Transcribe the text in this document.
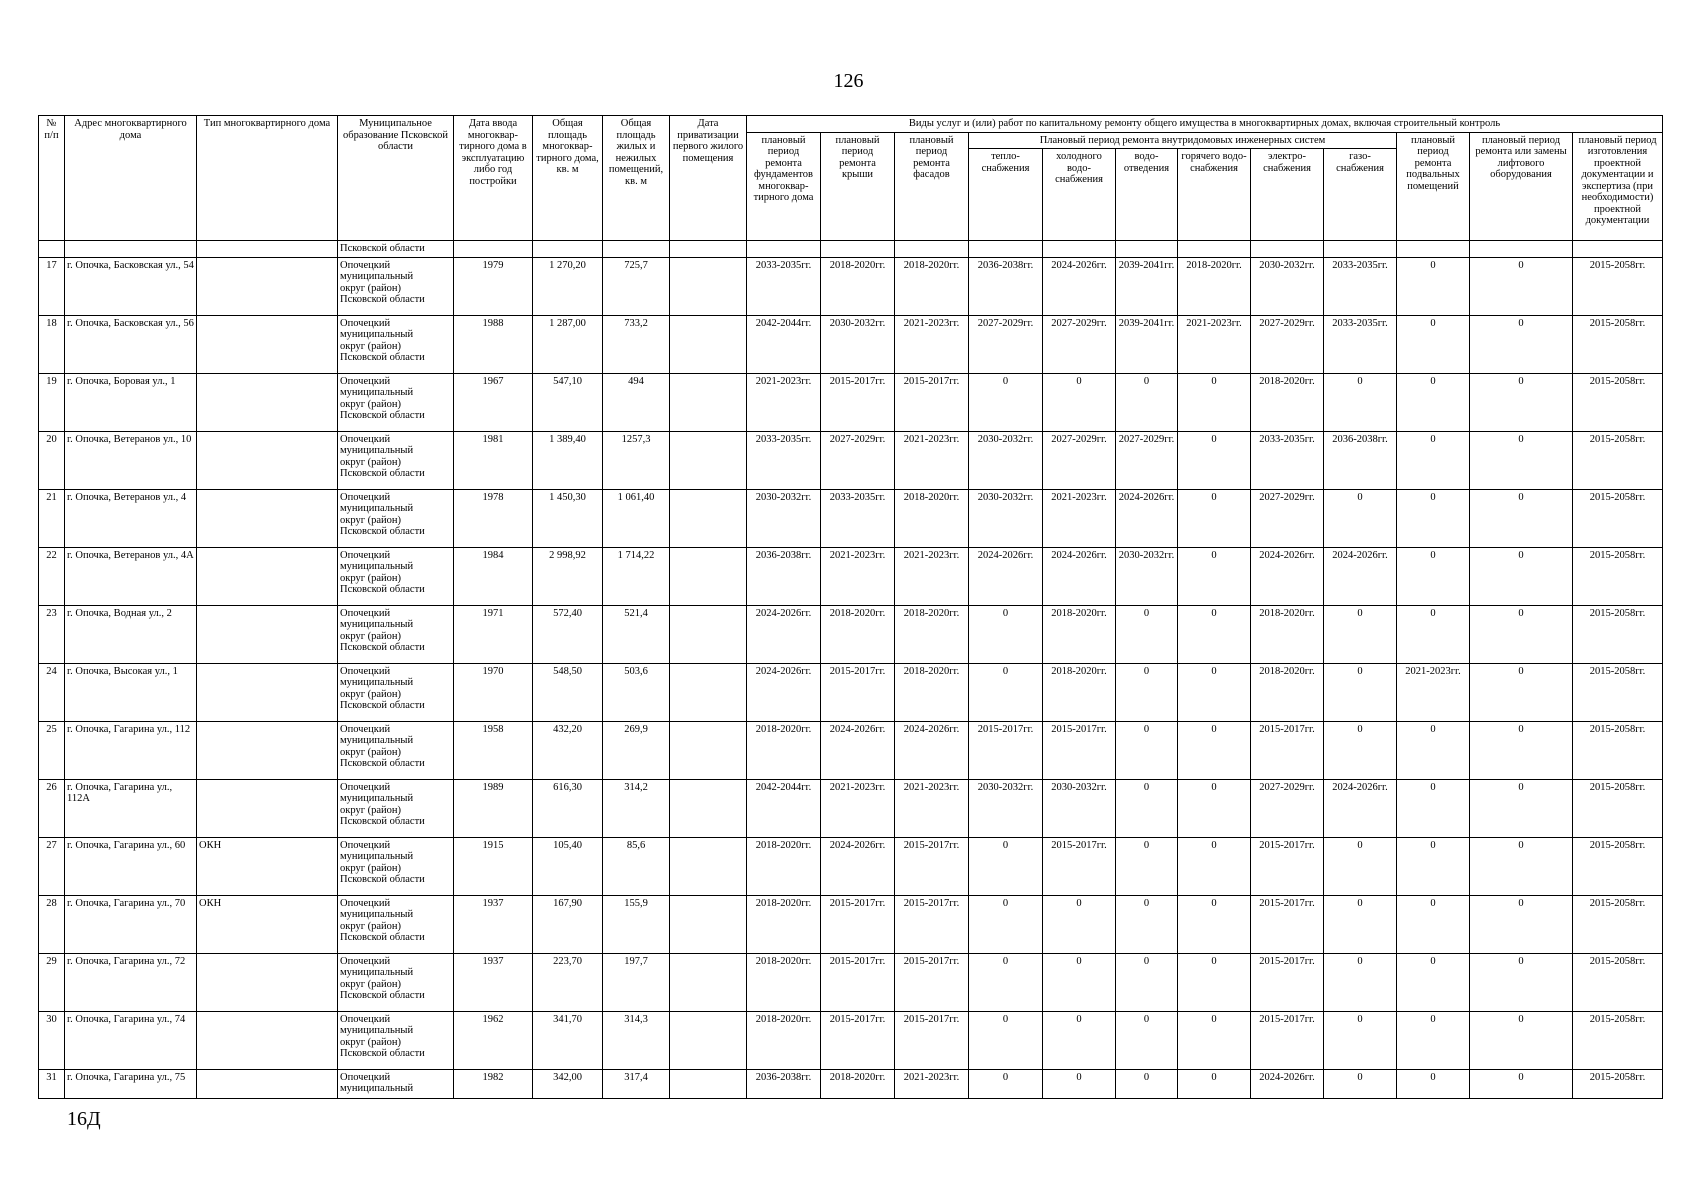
126
№ п/п	Адрес многоквартирного дома	Тип многоквартирного дома	Муниципальное образование Псковской области	Дата ввода многоквар-тирного дома в эксплуатацию либо год постройки	Общая площадь многоквар-тирного дома, кв. м	Общая площадь жилых и нежилых помещений, кв. м	Дата приватизации первого жилого помещения	Виды услуг и (или) работ по капитальному ремонту общего имущества в многоквартирных домах, включая строительный контроль											
								плановый период ремонта фундаментов многоквар-тирного дома	плановый период ремонта крыши	плановый период ремонта фасадов	Плановый период ремонта внутридомовых инженерных систем						плановый период ремонта подвальных помещений	плановый период ремонта или замены лифтового оборудования	плановый период изготовления проектной документации и экспертиза (при необходимости) проектной документации
											тепло-снабжения	холодного водо-снабжения	водо-отведения	горячего водо-снабжения	электро-снабжения	газо-снабжения			
			Псковской области																
17	г. Опочка, Басковская ул., 54		Опочецкий
муниципальный
округ (район)
Псковской области	1979	1 270,20	725,7		2033-2035гг.	2018-2020гг.	2018-2020гг.	2036-2038гг.	2024-2026гг.	2039-2041гг.	2018-2020гг.	2030-2032гг.	2033-2035гг.	0	0	2015-2058гг.
18	г. Опочка, Басковская ул., 56		Опочецкий
муниципальный
округ (район)
Псковской области	1988	1 287,00	733,2		2042-2044гг.	2030-2032гг.	2021-2023гг.	2027-2029гг.	2027-2029гг.	2039-2041гг.	2021-2023гг.	2027-2029гг.	2033-2035гг.	0	0	2015-2058гг.
19	г. Опочка, Боровая ул., 1		Опочецкий
муниципальный
округ (район)
Псковской области	1967	547,10	494		2021-2023гг.	2015-2017гг.	2015-2017гг.	0	0	0	0	2018-2020гг.	0	0	0	2015-2058гг.
20	г. Опочка, Ветеранов ул., 10		Опочецкий
муниципальный
округ (район)
Псковской области	1981	1 389,40	1257,3		2033-2035гг.	2027-2029гг.	2021-2023гг.	2030-2032гг.	2027-2029гг.	2027-2029гг.	0	2033-2035гг.	2036-2038гг.	0	0	2015-2058гг.
21	г. Опочка, Ветеранов ул., 4		Опочецкий
муниципальный
округ (район)
Псковской области	1978	1 450,30	1 061,40		2030-2032гг.	2033-2035гг.	2018-2020гг.	2030-2032гг.	2021-2023гг.	2024-2026гг.	0	2027-2029гг.	0	0	0	2015-2058гг.
22	г. Опочка, Ветеранов ул., 4А		Опочецкий
муниципальный
округ (район)
Псковской области	1984	2 998,92	1 714,22		2036-2038гг.	2021-2023гг.	2021-2023гг.	2024-2026гг.	2024-2026гг.	2030-2032гг.	0	2024-2026гг.	2024-2026гг.	0	0	2015-2058гг.
23	г. Опочка, Водная ул., 2		Опочецкий
муниципальный
округ (район)
Псковской области	1971	572,40	521,4		2024-2026гг.	2018-2020гг.	2018-2020гг.	0	2018-2020гг.	0	0	2018-2020гг.	0	0	0	2015-2058гг.
24	г. Опочка, Высокая ул., 1		Опочецкий
муниципальный
округ (район)
Псковской области	1970	548,50	503,6		2024-2026гг.	2015-2017гг.	2018-2020гг.	0	2018-2020гг.	0	0	2018-2020гг.	0	2021-2023гг.	0	2015-2058гг.
25	г. Опочка, Гагарина ул., 112		Опочецкий
муниципальный
округ (район)
Псковской области	1958	432,20	269,9		2018-2020гг.	2024-2026гг.	2024-2026гг.	2015-2017гг.	2015-2017гг.	0	0	2015-2017гг.	0	0	0	2015-2058гг.
26	г. Опочка, Гагарина ул., 112А		Опочецкий
муниципальный
округ (район)
Псковской области	1989	616,30	314,2		2042-2044гг.	2021-2023гг.	2021-2023гг.	2030-2032гг.	2030-2032гг.	0	0	2027-2029гг.	2024-2026гг.	0	0	2015-2058гг.
27	г. Опочка, Гагарина ул., 60	ОКН	Опочецкий
муниципальный
округ (район)
Псковской области	1915	105,40	85,6		2018-2020гг.	2024-2026гг.	2015-2017гг.	0	2015-2017гг.	0	0	2015-2017гг.	0	0	0	2015-2058гг.
28	г. Опочка, Гагарина ул., 70	ОКН	Опочецкий
муниципальный
округ (район)
Псковской области	1937	167,90	155,9		2018-2020гг.	2015-2017гг.	2015-2017гг.	0	0	0	0	2015-2017гг.	0	0	0	2015-2058гг.
29	г. Опочка, Гагарина ул., 72		Опочецкий
муниципальный
округ (район)
Псковской области	1937	223,70	197,7		2018-2020гг.	2015-2017гг.	2015-2017гг.	0	0	0	0	2015-2017гг.	0	0	0	2015-2058гг.
30	г. Опочка, Гагарина ул., 74		Опочецкий
муниципальный
округ (район)
Псковской области	1962	341,70	314,3		2018-2020гг.	2015-2017гг.	2015-2017гг.	0	0	0	0	2015-2017гг.	0	0	0	2015-2058гг.
31	г. Опочка, Гагарина ул., 75		Опочецкий
муниципальный	1982	342,00	317,4		2036-2038гг.	2018-2020гг.	2021-2023гг.	0	0	0	0	2024-2026гг.	0	0	0	2015-2058гг.
16Д
